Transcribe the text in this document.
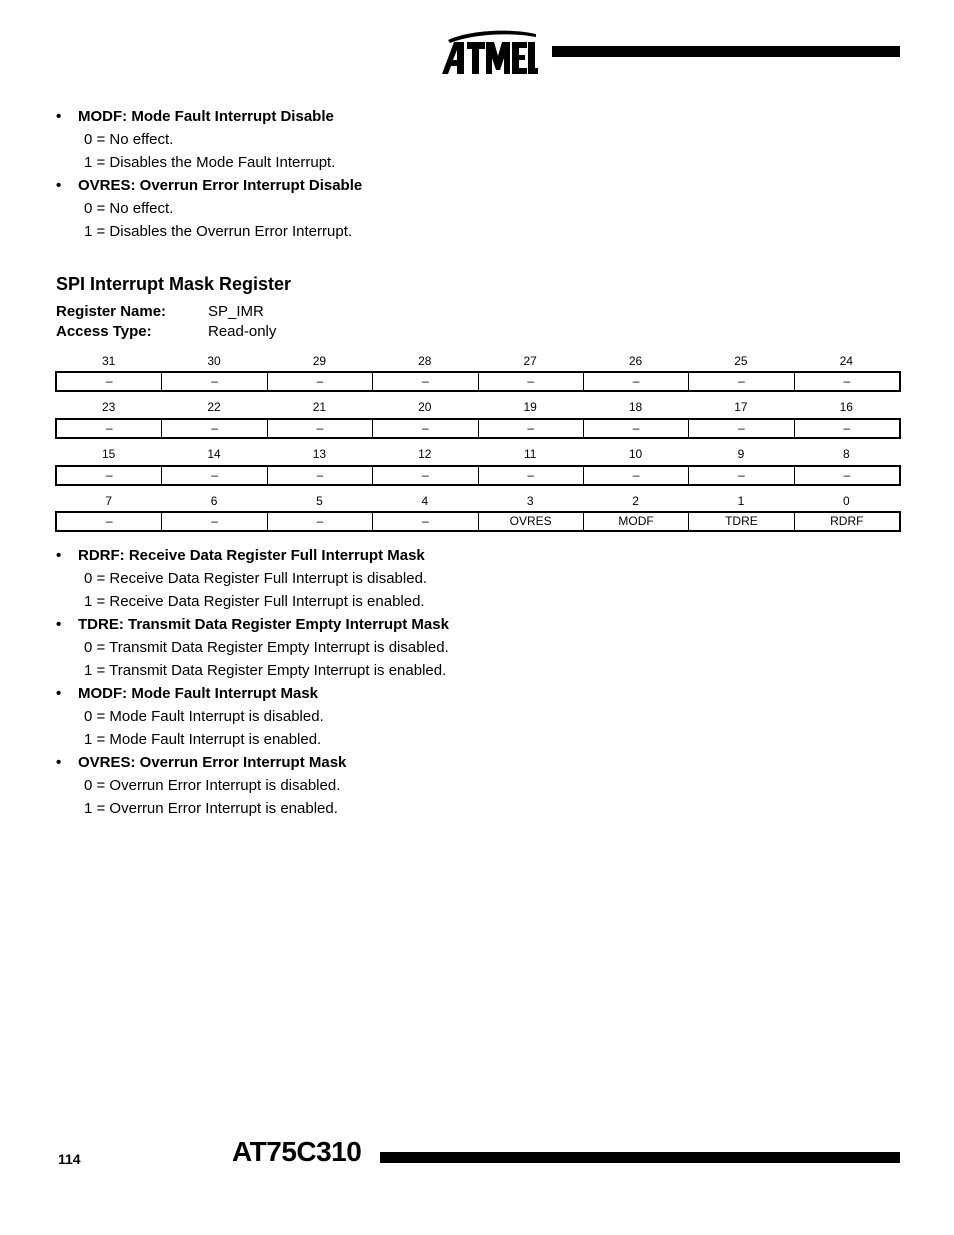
• MODF: Mode Fault Interrupt Disable
0 = No effect.
1 = Disables the Mode Fault Interrupt.
• OVRES: Overrun Error Interrupt Disable
0 = No effect.
1 = Disables the Overrun Error Interrupt.
SPI Interrupt Mask Register
Register Name:	SP_IMR
Access Type:	Read-only
31	30	29	28	27	26	25	24
–	–	–	–	–	–	–	–
23	22	21	20	19	18	17	16
–	–	–	–	–	–	–	–
15	14	13	12	11	10	9	8
–	–	–	–	–	–	–	–
7	6	5	4	3	2	1	0
–	–	–	–	OVRES	MODF	TDRE	RDRF
• RDRF: Receive Data Register Full Interrupt Mask
0 = Receive Data Register Full Interrupt is disabled.
1 = Receive Data Register Full Interrupt is enabled.
• TDRE: Transmit Data Register Empty Interrupt Mask
0 = Transmit Data Register Empty Interrupt is disabled.
1 = Transmit Data Register Empty Interrupt is enabled.
• MODF: Mode Fault Interrupt Mask
0 = Mode Fault Interrupt is disabled.
1 = Mode Fault Interrupt is enabled.
• OVRES: Overrun Error Interrupt Mask
0 = Overrun Error Interrupt is disabled.
1 = Overrun Error Interrupt is enabled.
114	AT75C310
